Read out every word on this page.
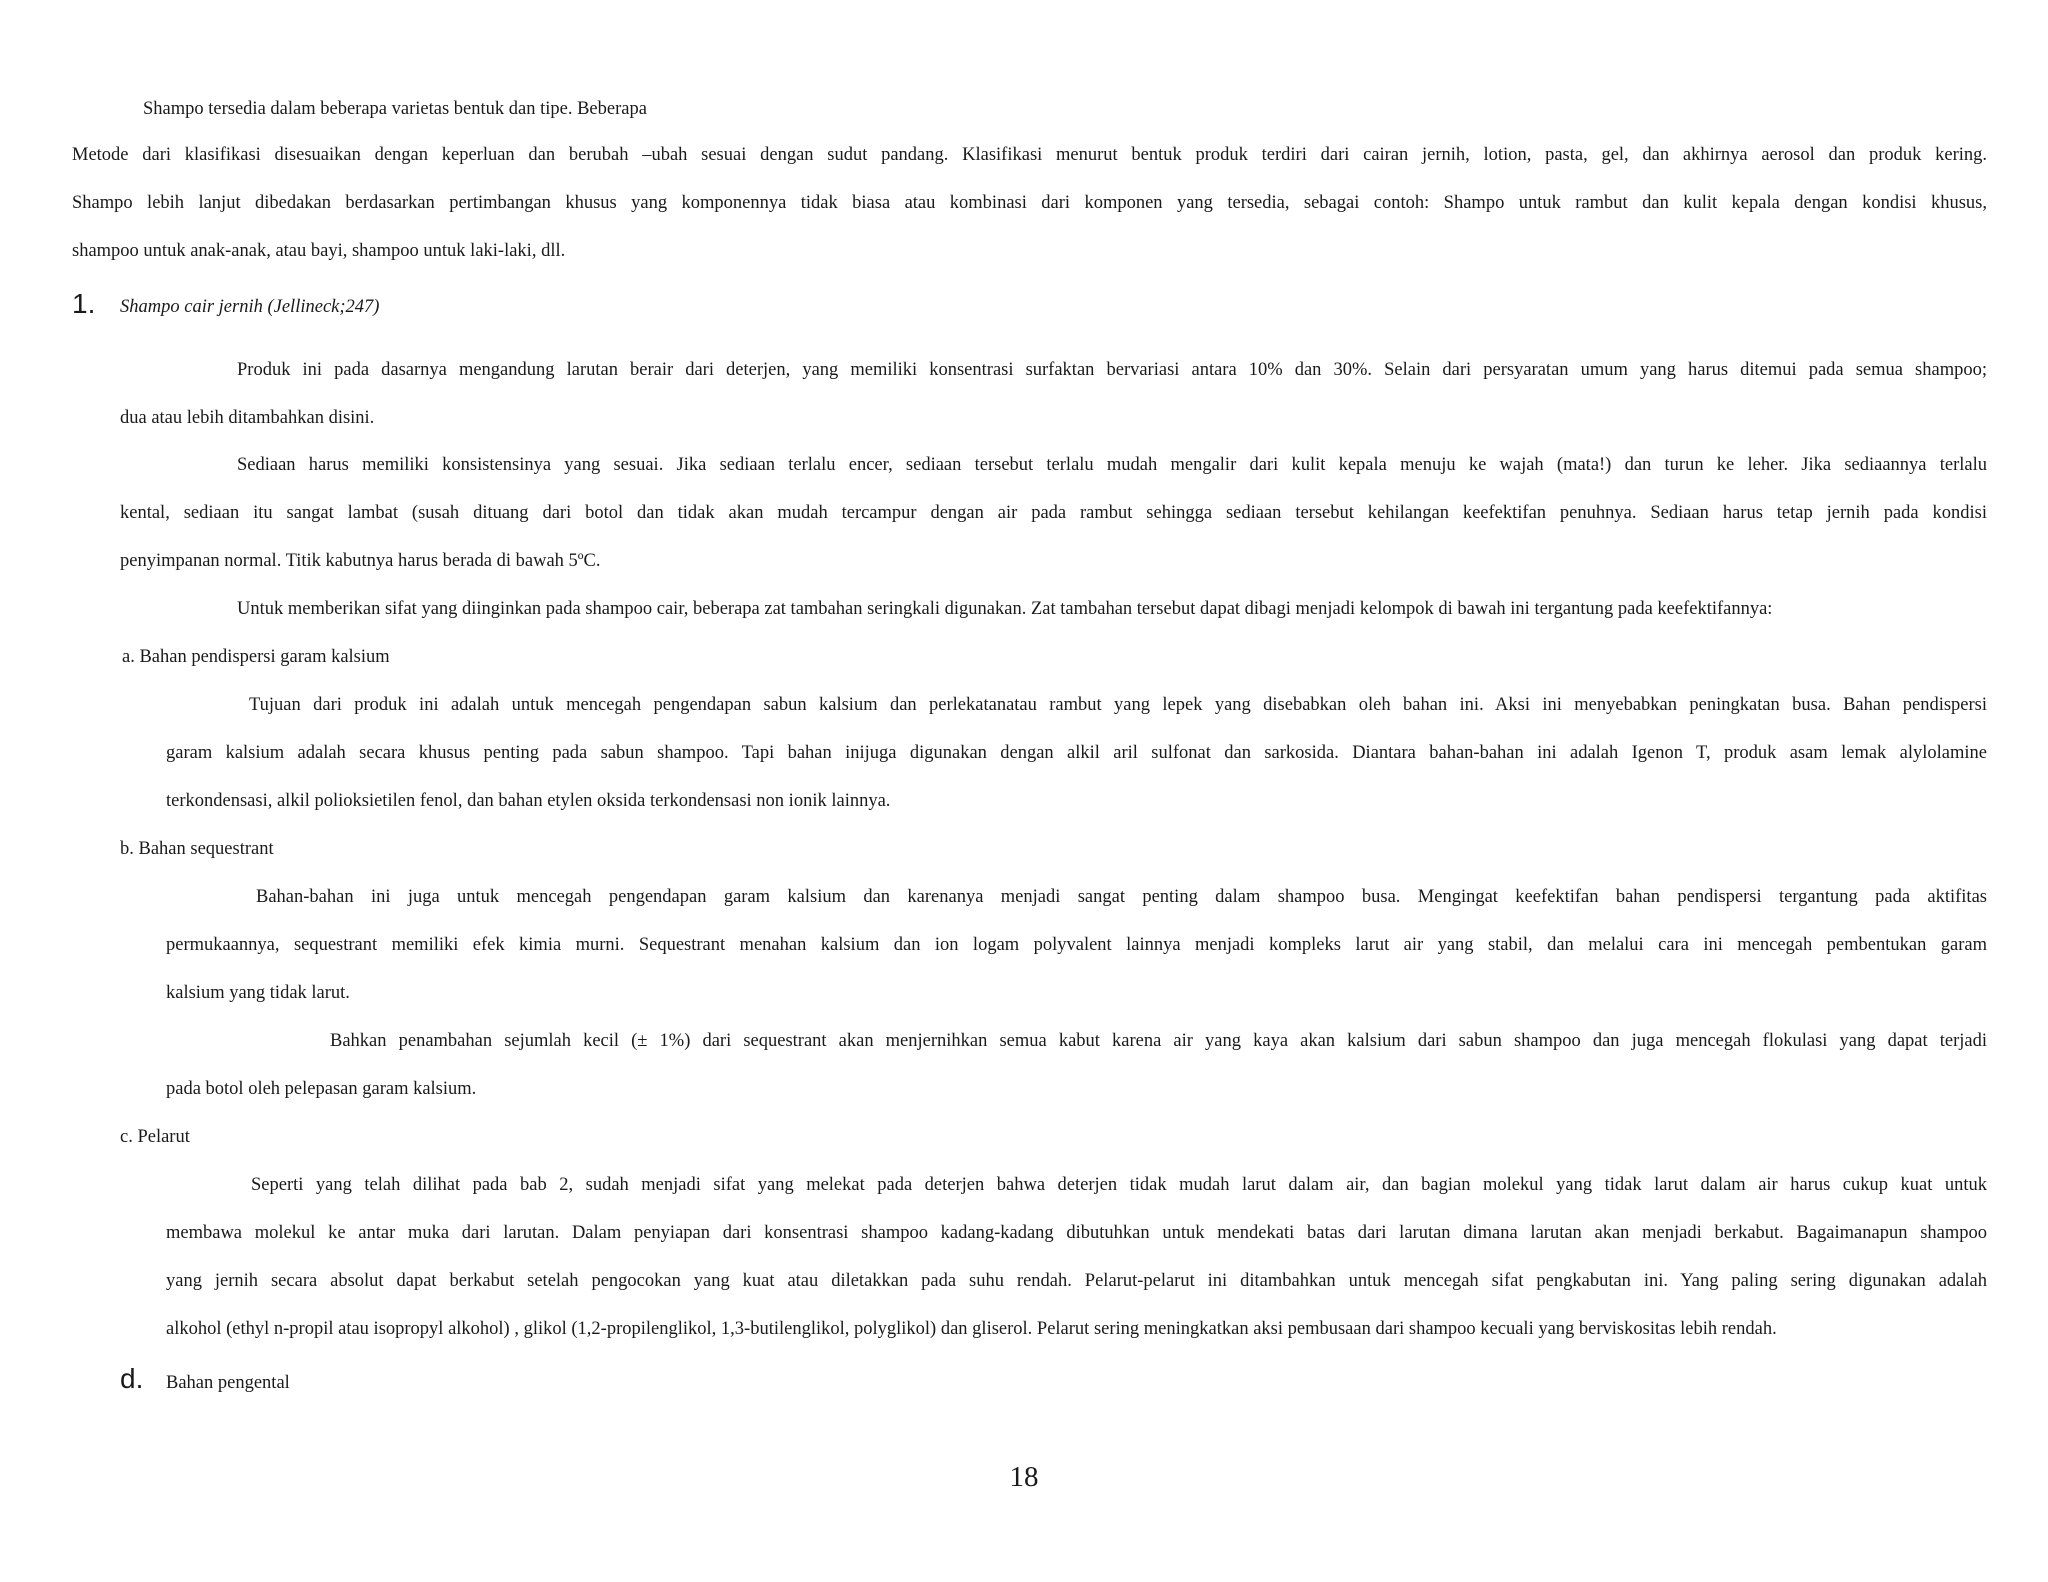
Shampo tersedia dalam beberapa varietas bentuk dan tipe. Beberapa
Metode dari klasifikasi disesuaikan dengan keperluan dan berubah –ubah sesuai dengan sudut pandang. Klasifikasi menurut bentuk produk terdiri dari cairan jernih, lotion, pasta, gel, dan akhirnya aerosol dan produk kering.
Shampo lebih lanjut dibedakan berdasarkan pertimbangan khusus yang komponennya tidak biasa atau kombinasi dari komponen yang tersedia, sebagai contoh: Shampo untuk rambut dan kulit kepala dengan kondisi khusus,
shampoo untuk anak-anak, atau bayi, shampoo untuk laki-laki, dll.
1. Shampo cair jernih (Jellineck;247)
Produk ini pada dasarnya mengandung larutan berair dari deterjen, yang memiliki konsentrasi surfaktan bervariasi antara 10% dan 30%. Selain dari persyaratan umum yang harus ditemui pada semua shampoo;
dua atau lebih ditambahkan disini.
Sediaan harus memiliki konsistensinya yang sesuai. Jika sediaan terlalu encer, sediaan tersebut terlalu mudah mengalir dari kulit kepala menuju ke wajah (mata!) dan turun ke leher. Jika sediaannya terlalu
kental, sediaan itu sangat lambat (susah dituang dari botol dan tidak akan mudah tercampur dengan air pada rambut sehingga sediaan tersebut kehilangan keefektifan penuhnya. Sediaan harus tetap jernih pada kondisi
penyimpanan normal. Titik kabutnya harus berada di bawah 5ºC.
Untuk memberikan sifat yang diinginkan pada shampoo cair, beberapa zat tambahan seringkali digunakan. Zat tambahan tersebut dapat dibagi menjadi kelompok di bawah ini tergantung pada keefektifannya:
a. Bahan pendispersi garam kalsium
Tujuan dari produk ini adalah untuk mencegah pengendapan sabun kalsium dan perlekatanatau rambut yang lepek yang disebabkan oleh bahan ini. Aksi ini menyebabkan peningkatan busa. Bahan pendispersi
garam kalsium adalah secara khusus penting pada sabun shampoo. Tapi bahan inijuga digunakan dengan alkil aril sulfonat dan sarkosida. Diantara bahan-bahan ini adalah Igenon T, produk asam lemak alylolamine
terkondensasi, alkil polioksietilen fenol, dan bahan etylen oksida terkondensasi non ionik lainnya.
b. Bahan sequestrant
Bahan-bahan ini juga untuk mencegah pengendapan garam kalsium dan karenanya menjadi sangat penting dalam shampoo busa. Mengingat keefektifan bahan pendispersi tergantung pada aktifitas
permukaannya, sequestrant memiliki efek kimia murni. Sequestrant menahan kalsium dan ion logam polyvalent lainnya menjadi kompleks larut air yang stabil, dan melalui cara ini mencegah pembentukan garam
kalsium yang tidak larut.
Bahkan penambahan sejumlah kecil (± 1%) dari sequestrant akan menjernihkan semua kabut karena air yang kaya akan kalsium dari sabun shampoo dan juga mencegah flokulasi yang dapat terjadi
pada botol oleh pelepasan garam kalsium.
c. Pelarut
Seperti yang telah dilihat pada bab 2, sudah menjadi sifat yang melekat pada deterjen bahwa deterjen tidak mudah larut dalam air, dan bagian molekul yang tidak larut dalam air harus cukup kuat untuk
membawa molekul ke antar muka dari larutan. Dalam penyiapan dari konsentrasi shampoo kadang-kadang dibutuhkan untuk mendekati batas dari larutan dimana larutan akan menjadi berkabut. Bagaimanapun shampoo
yang jernih secara absolut dapat berkabut setelah pengocokan yang kuat atau diletakkan pada suhu rendah. Pelarut-pelarut ini ditambahkan untuk mencegah sifat pengkabutan ini. Yang paling sering digunakan adalah
alkohol (ethyl n-propil atau isopropyl alkohol) , glikol (1,2-propilenglikol, 1,3-butilenglikol, polyglikol) dan gliserol. Pelarut sering meningkatkan aksi pembusaan dari shampoo kecuali yang berviskositas lebih rendah.
d. Bahan pengental
18
